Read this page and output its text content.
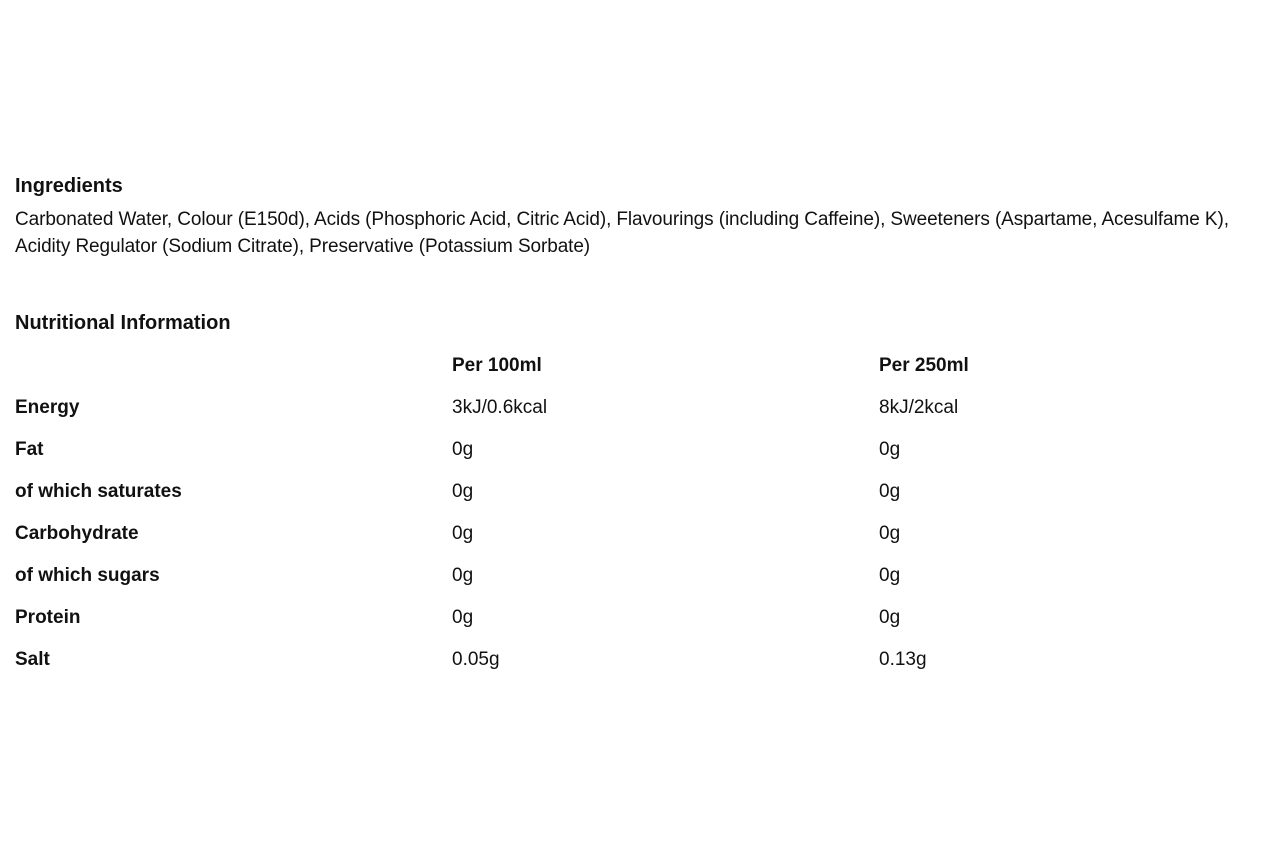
Ingredients

Carbonated Water, Colour (E150d), Acids (Phosphoric Acid, Citric Acid), Flavourings (including Caffeine), Sweeteners (Aspartame, Acesulfame K), Acidity Regulator (Sodium Citrate), Preservative (Potassium Sorbate)

Nutritional Information
	Per 100ml	Per 250ml
Energy	3kJ/0.6kcal	8kJ/2kcal
Fat	0g	0g
of which saturates	0g	0g
Carbohydrate	0g	0g
of which sugars	0g	0g
Protein	0g	0g
Salt	0.05g	0.13g
